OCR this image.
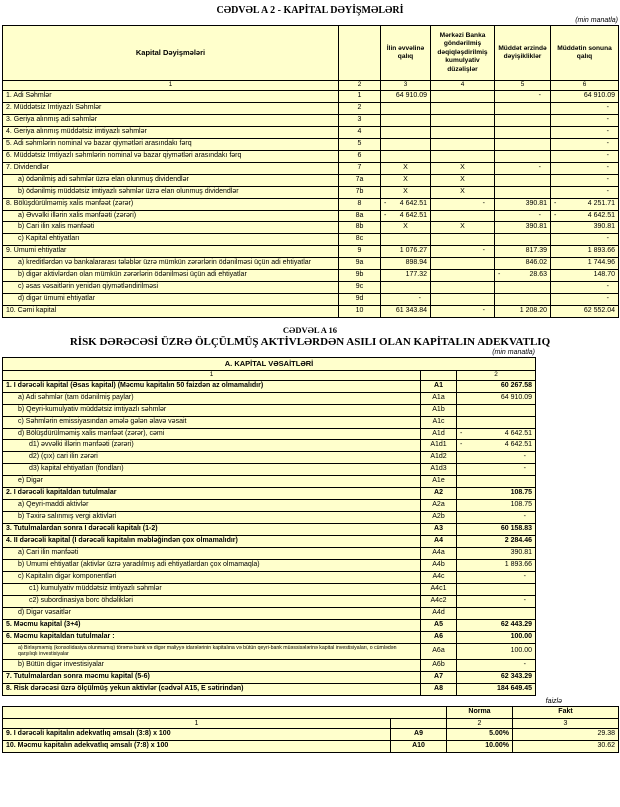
CƏDVƏL A 2 - KAPİTAL DƏYİŞMƏLƏRİ
(min manatla)
Kapital Dəyişmələri		İlin əvvəlinə qalıq	Mərkəzi Banka göndərilmiş dəqiqləşdirilmiş kumulyativ düzəlişlər	Müddət ərzində dəyişikliklər	Müddətin sonuna qalıq
1	2	3	4	5	6
1. Adi Səhmlər	1	64 910.09		-	64 910.09
2. Müddətsiz İmtiyazlı Səhmlər	2				-
3. Geriya alınmış adi səhmlər	3				-
4. Geriya alınmış müddətsiz imtiyazlı səhmlər	4				-
5. Adi səhmlərin nominal və bazar qiymətləri arasındakı fərq	5				-
6. Müddətsiz İmtiyazlı səhmlərin nominal və bazar qiymətləri arasındakı fərq	6				-
7. Dividendlər	7	X	X	-	-
a) ödənilmiş adi səhmlər üzrə elan olunmuş dividendlər	7a	X	X		-
b) ödənilmiş müddətsiz imtiyazlı səhmlər üzrə elan olunmuş dividendlər	7b	X	X		-
8. Bölüşdürülməmiş xalis mənfəət (zərər)	8	- 4 642.51	-	390.81	- 4 251.71
a) Əvvəlki illərin xalis mənfəəti (zərəri)	8a	- 4 642.51		-	- 4 642.51
b) Cari ilin xalis mənfəəti	8b	X	X	390.81	390.81
c) Kapital ehtiyatları	8c				-
9. Ümumi ehtiyatlar	9	1 076.27	-	817.39	1 893.66
a) kreditlərdən və bankalararası tələblər üzrə mümkün zərərlərin ödənilməsi üçün adi ehtiyatlar	9a	898.94		846.02	1 744.96
b) digər aktivlərdən olan mümkün zərərlərin ödənilməsi üçün adi ehtiyatlar	9b	177.32		- 28.63	148.70
c) əsas vəsaitlərin yenidən qiymətləndirilməsi	9c				-
d) digər ümumi ehtiyatlar	9d	-			-
10. Cəmi kapital	10	61 343.84	-	1 208.20	62 552.04
CƏDVƏL A 16
RİSK DƏRƏCƏSİ ÜZRƏ ÖLÇÜLMÜŞ AKTİVLƏRDƏN ASILI OLAN KAPİTALIN ADEKVATLIQ
(min manatla)
A. KAPİTAL VƏSAİTLƏRİ		
1		2
1. I dərəcəli kapital (Əsas kapital) (Məcmu kapitalın 50 faizdən az olmamalıdır)	A1	60 267.58
a) Adi səhmlər (tam ödənilmiş paylar)	A1a	64 910.09
b) Qeyri-kumulyativ müddətsiz imtiyazlı səhmlər	A1b	
c) Səhmlərin emissiyasından əmələ gələn əlavə vəsait	A1c	
d) Bölüşdürülməmiş xalis mənfəət (zərər), cəmi	A1d	- 4 642.51
d1) əvvəlki illərin mənfəəti (zərəri)	A1d1	- 4 642.51
d2) (çıx) cari ilin zərəri	A1d2	-
d3) kapital ehtiyatları (fondları)	A1d3	-
e) Digər	A1e	
2. I dərəcəli kapitaldan tutulmalar	A2	108.75
a) Qeyri-maddi aktivlər	A2a	108.75
b) Təxirə salınmış vergi aktivləri	A2b	-
3. Tutulmalardan sonra I dərəcəli kapitalı (1-2)	A3	60 158.83
4. II dərəcəli kapital (I dərəcəli kapitalın məbləğindən çox olmamalıdır)	A4	2 284.46
a) Cari ilin mənfəəti	A4a	390.81
b) Ümumi ehtiyatlar (aktivlər üzrə yaradılmış adi ehtiyatlardan çox olmamaqla)	A4b	1 893.66
c) Kapitalın digər komponentləri	A4c	-
c1) kumulyativ müddətsiz imtiyazlı səhmlər	A4c1	
c2) subordinasiya borc öhdəlikləri	A4c2	-
d) Digər vəsaitlər	A4d	
5. Məcmu kapital (3+4)	A5	62 443.29
6. Məcmu kapitaldan tutulmalar :	A6	100.00
a) Birləşməmiş (konsolidasiya olunmamış) törəmə bank və digər maliyyə idarələrinin kapitalına və bütün qeyri-bank müəssisələrinə kapital investisiyaları, o cümlədən qarşılıqlı investisiyalar	A6a	100.00
b) Bütün digər investisiyalar	A6b	-
7. Tutulmalardan sonra məcmu kapital (5-6)	A7	62 343.29
8. Risk dərəcəsi üzrə ölçülmüş yekun aktivlər (cədvəl A15, E sətirindən)	A8	184 649.45
faizlə
		Norma	Fakt
1		2	3
9. I dərəcəli kapitalın adekvatlıq əmsalı (3:8) x 100	A9	5.00%	29.38
10. Məcmu kapitalın adekvatlıq əmsalı (7:8) x 100	A10	10.00%	30.62
